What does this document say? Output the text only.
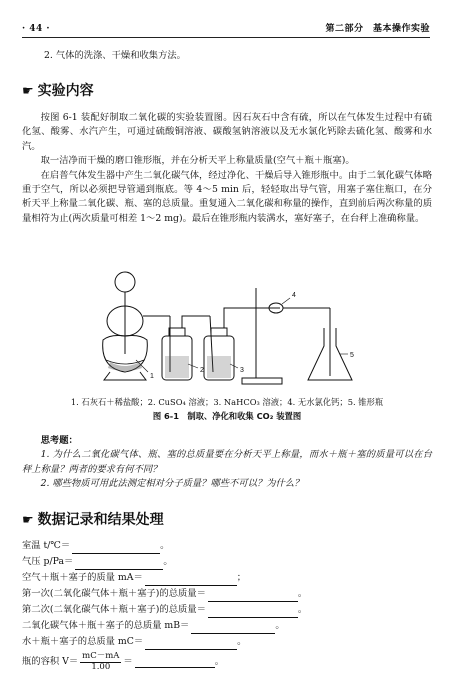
· 44 ·	第二部分　基本操作实验
2. 气体的洗涤、干燥和收集方法。
☛ 实验内容

按图 6-1 装配好制取二氧化碳的实验装置图。因石灰石中含有硫，所以在气体发生过程中有硫化氢、酸雾、水汽产生，可通过硫酸铜溶液、碳酸氢钠溶液以及无水氯化钙除去硫化氢、酸雾和水汽。

取一洁净而干燥的磨口锥形瓶，并在分析天平上称量质量(空气＋瓶＋瓶塞)。

在启普气体发生器中产生二氧化碳气体，经过净化、干燥后导入锥形瓶中。由于二氧化碳气体略重于空气，所以必须把导管通到瓶底。等 4～5 min 后，轻轻取出导气管，用塞子塞住瓶口，在分析天平上称量二氧化碳、瓶、塞的总质量。重复通入二氧化碳和称量的操作，直到前后两次称量的质量相符为止(两次质量可相差 1～2 mg)。最后在锥形瓶内装满水，塞好塞子，在台秤上准确称量。

1
2	3
4
5
1. 石灰石＋稀盐酸；2. CuSO₄ 溶液；3. NaHCO₃ 溶液；4. 无水氯化钙；5. 锥形瓶
图 6-1　制取、净化和收集 CO₂ 装置图
思考题：

1. 为什么二氧化碳气体、瓶、塞的总质量要在分析天平上称量，而水＋瓶＋塞的质量可以在台秤上称量？两者的要求有何不同？

2. 哪些物质可用此法测定相对分子质量？哪些不可以？为什么？

☛ 数据记录和结果处理
室温 t/℃＝	。
气压 p/Pa＝	。
空气＋瓶＋塞子的质量 mA＝	；
第一次(二氧化碳气体＋瓶＋塞子)的总质量＝	。
第二次(二氧化碳气体＋瓶＋塞子)的总质量＝	。
二氧化碳气体＋瓶＋塞子的总质量 mB＝	。
水＋瓶＋塞子的总质量 mC＝	。
瓶的容积 $V= \frac{mC-mA}{1.00}$ ＝	。
